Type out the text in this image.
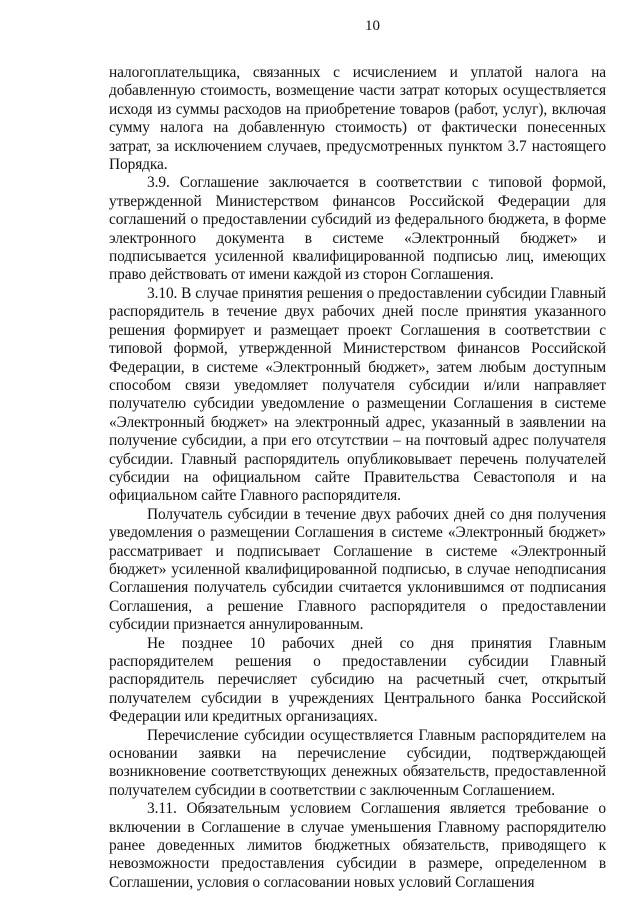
10

налогоплательщика, связанных с исчислением и уплатой налога на добавленную стоимость, возмещение части затрат которых осуществляется исходя из суммы расходов на приобретение товаров (работ, услуг), включая сумму налога на добавленную стоимость) от фактически понесенных затрат, за исключением случаев, предусмотренных пунктом 3.7 настоящего Порядка.

3.9. Соглашение заключается в соответствии с типовой формой, утвержденной Министерством финансов Российской Федерации для соглашений о предоставлении субсидий из федерального бюджета, в форме электронного документа в системе «Электронный бюджет» и подписывается усиленной квалифицированной подписью лиц, имеющих право действовать от имени каждой из сторон Соглашения.

3.10. В случае принятия решения о предоставлении субсидии Главный распорядитель в течение двух рабочих дней после принятия указанного решения формирует и размещает проект Соглашения в соответствии с типовой формой, утвержденной Министерством финансов Российской Федерации, в системе «Электронный бюджет», затем любым доступным способом связи уведомляет получателя субсидии и/или направляет получателю субсидии уведомление о размещении Соглашения в системе «Электронный бюджет» на электронный адрес, указанный в заявлении на получение субсидии, а при его отсутствии – на почтовый адрес получателя субсидии. Главный распорядитель опубликовывает перечень получателей субсидии на официальном сайте Правительства Севастополя и на официальном сайте Главного распорядителя.

Получатель субсидии в течение двух рабочих дней со дня получения уведомления о размещении Соглашения в системе «Электронный бюджет» рассматривает и подписывает Соглашение в системе «Электронный бюджет» усиленной квалифицированной подписью, в случае неподписания Соглашения получатель субсидии считается уклонившимся от подписания Соглашения, а решение Главного распорядителя о предоставлении субсидии признается аннулированным.

Не позднее 10 рабочих дней со дня принятия Главным распорядителем решения о предоставлении субсидии Главный распорядитель перечисляет субсидию на расчетный счет, открытый получателем субсидии в учреждениях Центрального банка Российской Федерации или кредитных организациях.

Перечисление субсидии осуществляется Главным распорядителем на основании заявки на перечисление субсидии, подтверждающей возникновение соответствующих денежных обязательств, предоставленной получателем субсидии в соответствии с заключенным Соглашением.

3.11. Обязательным условием Соглашения является требование о включении в Соглашение в случае уменьшения Главному распорядителю ранее доведенных лимитов бюджетных обязательств, приводящего к невозможности предоставления субсидии в размере, определенном в Соглашении, условия о согласовании новых условий Соглашения
